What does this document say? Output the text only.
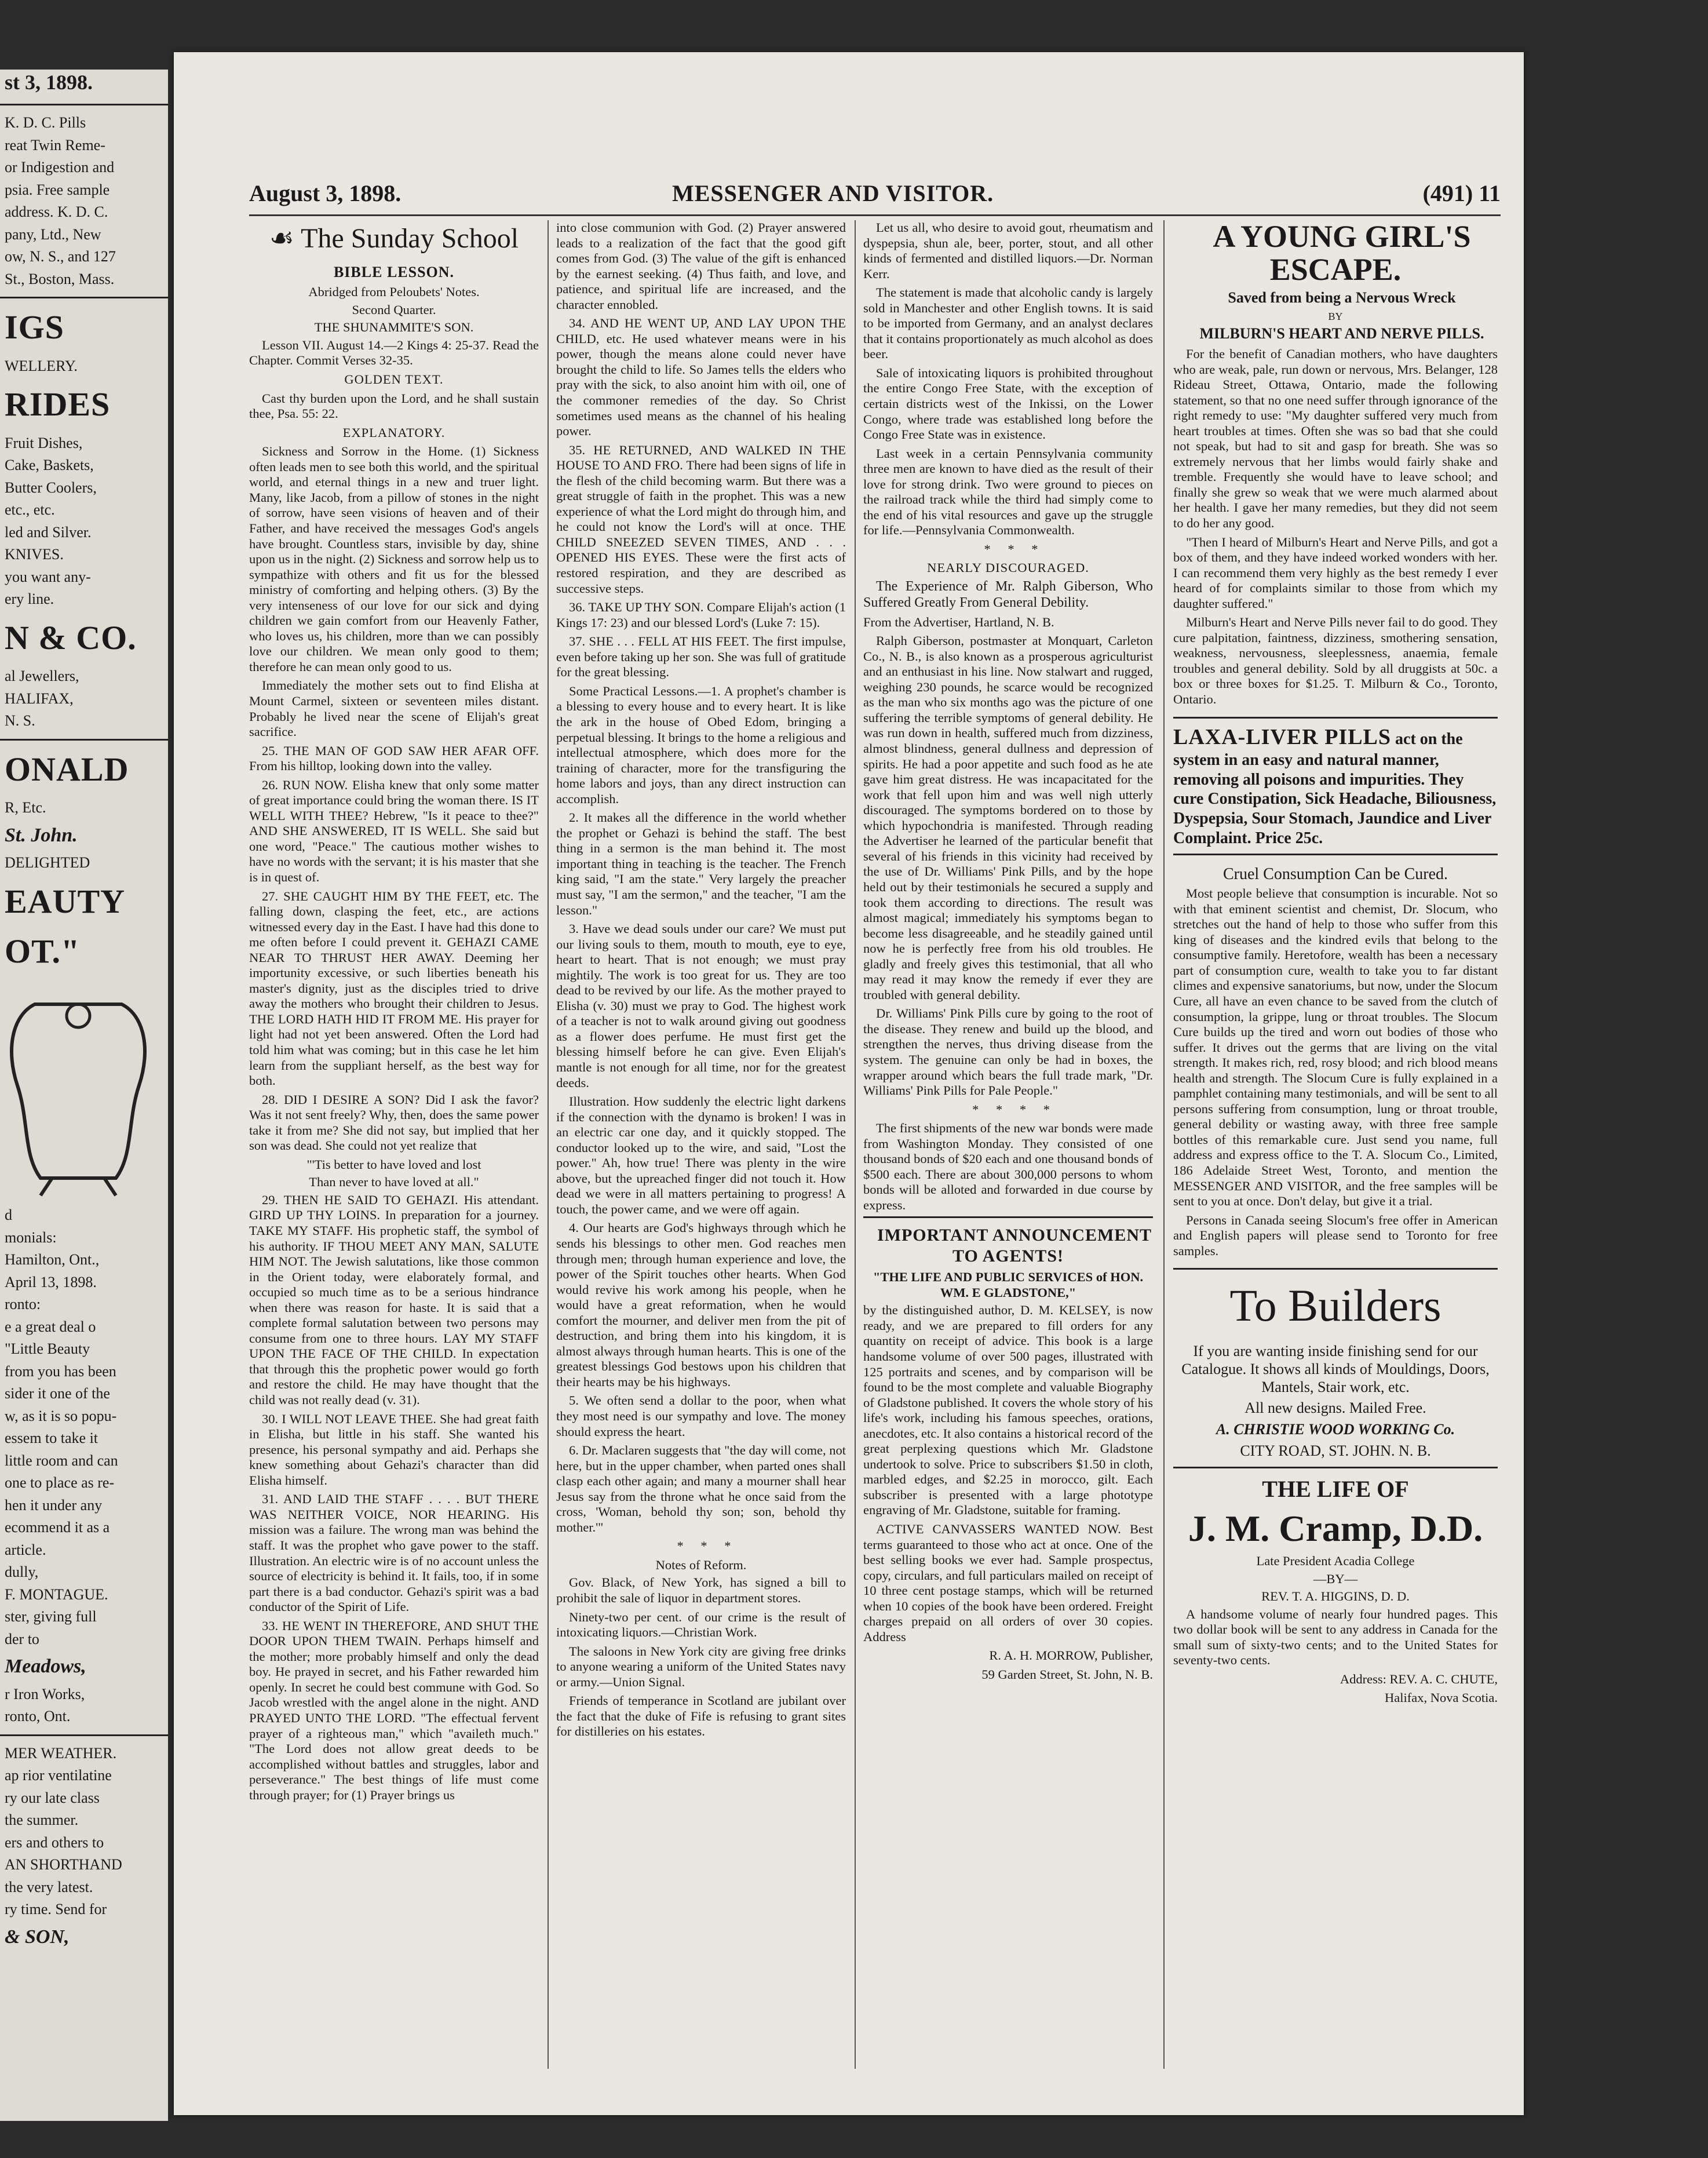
st 3, 1898.

K. D. C. Pills

reat Twin Reme-

or Indigestion and

psia. Free sample

address. K. D. C.

pany, Ltd., New

ow, N. S., and 127

St., Boston, Mass.

IGS

WELLERY.

RIDES

Fruit Dishes,

Cake, Baskets,

Butter Coolers,

etc., etc.

led and Silver.

KNIVES.

you want any-

ery line.

N & CO.

al Jewellers,

HALIFAX,

N. S.

ONALD

R, Etc.

St. John.

DELIGHTED

EAUTY

OT."

d

monials:

Hamilton, Ont.,

April 13, 1898.

ronto:

e a great deal o

"Little Beauty

from you has been

sider it one of the

w, as it is so popu-

essem to take it

little room and can

one to place as re-

hen it under any

ecommend it as a

article.

dully,

F. MONTAGUE.

ster, giving full

der to

Meadows,

r Iron Works,

ronto, Ont.

MER WEATHER.

ap rior ventilatine

ry our late class

the summer.

ers and others to

AN SHORTHAND

the very latest.

ry time. Send for

& SON,

August 3, 1898.	MESSENGER AND VISITOR.	(491) 11

☙ The Sunday School

BIBLE LESSON.

Abridged from Peloubets' Notes.

Second Quarter.

THE SHUNAMMITE'S SON.

Lesson VII. August 14.—2 Kings 4: 25-37. Read the Chapter. Commit Verses 32-35.

GOLDEN TEXT.

Cast thy burden upon the Lord, and he shall sustain thee, Psa. 55: 22.

EXPLANATORY.

Sickness and Sorrow in the Home. (1) Sickness often leads men to see both this world, and the spiritual world, and eternal things in a new and truer light. Many, like Jacob, from a pillow of stones in the night of sorrow, have seen visions of heaven and of their Father, and have received the messages God's angels have brought. Countless stars, invisible by day, shine upon us in the night. (2) Sickness and sorrow help us to sympathize with others and fit us for the blessed ministry of comforting and helping others. (3) By the very intenseness of our love for our sick and dying children we gain comfort from our Heavenly Father, who loves us, his children, more than we can possibly love our children. We mean only good to them; therefore he can mean only good to us.

Immediately the mother sets out to find Elisha at Mount Carmel, sixteen or seventeen miles distant. Probably he lived near the scene of Elijah's great sacrifice.

25. THE MAN OF GOD SAW HER AFAR OFF. From his hilltop, looking down into the valley.

26. RUN NOW. Elisha knew that only some matter of great importance could bring the woman there. IS IT WELL WITH THEE? Hebrew, "Is it peace to thee?" AND SHE ANSWERED, IT IS WELL. She said but one word, "Peace." The cautious mother wishes to have no words with the servant; it is his master that she is in quest of.

27. SHE CAUGHT HIM BY THE FEET, etc. The falling down, clasping the feet, etc., are actions witnessed every day in the East. I have had this done to me often before I could prevent it. GEHAZI CAME NEAR TO THRUST HER AWAY. Deeming her importunity excessive, or such liberties beneath his master's dignity, just as the disciples tried to drive away the mothers who brought their children to Jesus. THE LORD HATH HID IT FROM ME. His prayer for light had not yet been answered. Often the Lord had told him what was coming; but in this case he let him learn from the suppliant herself, as the best way for both.

28. DID I DESIRE A SON? Did I ask the favor? Was it not sent freely? Why, then, does the same power take it from me? She did not say, but implied that her son was dead. She could not yet realize that

"'Tis better to have loved and lost

Than never to have loved at all."

29. THEN HE SAID TO GEHAZI. His attendant. GIRD UP THY LOINS. In preparation for a journey. TAKE MY STAFF. His prophetic staff, the symbol of his authority. IF THOU MEET ANY MAN, SALUTE HIM NOT. The Jewish salutations, like those common in the Orient today, were elaborately formal, and occupied so much time as to be a serious hindrance when there was reason for haste. It is said that a complete formal salutation between two persons may consume from one to three hours. LAY MY STAFF UPON THE FACE OF THE CHILD. In expectation that through this the prophetic power would go forth and restore the child. He may have thought that the child was not really dead (v. 31).

30. I WILL NOT LEAVE THEE. She had great faith in Elisha, but little in his staff. She wanted his presence, his personal sympathy and aid. Perhaps she knew something about Gehazi's character than did Elisha himself.

31. AND LAID THE STAFF . . . . BUT THERE WAS NEITHER VOICE, NOR HEARING. His mission was a failure. The wrong man was behind the staff. It was the prophet who gave power to the staff. Illustration. An electric wire is of no account unless the source of electricity is behind it. It fails, too, if in some part there is a bad conductor. Gehazi's spirit was a bad conductor of the Spirit of Life.

33. HE WENT IN THEREFORE, AND SHUT THE DOOR UPON THEM TWAIN. Perhaps himself and the mother; more probably himself and only the dead boy. He prayed in secret, and his Father rewarded him openly. In secret he could best commune with God. So Jacob wrestled with the angel alone in the night. AND PRAYED UNTO THE LORD. "The effectual fervent prayer of a righteous man," which "availeth much." "The Lord does not allow great deeds to be accomplished without battles and struggles, labor and perseverance." The best things of life must come through prayer; for (1) Prayer brings us

into close communion with God. (2) Prayer answered leads to a realization of the fact that the good gift comes from God. (3) The value of the gift is enhanced by the earnest seeking. (4) Thus faith, and love, and patience, and spiritual life are increased, and the character ennobled.

34. AND HE WENT UP, AND LAY UPON THE CHILD, etc. He used whatever means were in his power, though the means alone could never have brought the child to life. So James tells the elders who pray with the sick, to also anoint him with oil, one of the commoner remedies of the day. So Christ sometimes used means as the channel of his healing power.

35. HE RETURNED, AND WALKED IN THE HOUSE TO AND FRO. There had been signs of life in the flesh of the child becoming warm. But there was a great struggle of faith in the prophet. This was a new experience of what the Lord might do through him, and he could not know the Lord's will at once. THE CHILD SNEEZED SEVEN TIMES, AND . . . OPENED HIS EYES. These were the first acts of restored respiration, and they are described as successive steps.

36. TAKE UP THY SON. Compare Elijah's action (1 Kings 17: 23) and our blessed Lord's (Luke 7: 15).

37. SHE . . . FELL AT HIS FEET. The first impulse, even before taking up her son. She was full of gratitude for the great blessing.

Some Practical Lessons.—1. A prophet's chamber is a blessing to every house and to every heart. It is like the ark in the house of Obed Edom, bringing a perpetual blessing. It brings to the home a religious and intellectual atmosphere, which does more for the training of character, more for the transfiguring the home labors and joys, than any direct instruction can accomplish.

2. It makes all the difference in the world whether the prophet or Gehazi is behind the staff. The best thing in a sermon is the man behind it. The most important thing in teaching is the teacher. The French king said, "I am the state." Very largely the preacher must say, "I am the sermon," and the teacher, "I am the lesson."

3. Have we dead souls under our care? We must put our living souls to them, mouth to mouth, eye to eye, heart to heart. That is not enough; we must pray mightily. The work is too great for us. They are too dead to be revived by our life. As the mother prayed to Elisha (v. 30) must we pray to God. The highest work of a teacher is not to walk around giving out goodness as a flower does perfume. He must first get the blessing himself before he can give. Even Elijah's mantle is not enough for all time, nor for the greatest deeds.

Illustration. How suddenly the electric light darkens if the connection with the dynamo is broken! I was in an electric car one day, and it quickly stopped. The conductor looked up to the wire, and said, "Lost the power." Ah, how true! There was plenty in the wire above, but the upreached finger did not touch it. How dead we were in all matters pertaining to progress! A touch, the power came, and we were off again.

4. Our hearts are God's highways through which he sends his blessings to other men. God reaches men through men; through human experience and love, the power of the Spirit touches other hearts. When God would revive his work among his people, when he would have a great reformation, when he would comfort the mourner, and deliver men from the pit of destruction, and bring them into his kingdom, it is almost always through human hearts. This is one of the greatest blessings God bestows upon his children that their hearts may be his highways.

5. We often send a dollar to the poor, when what they most need is our sympathy and love. The money should express the heart.

6. Dr. Maclaren suggests that "the day will come, not here, but in the upper chamber, when parted ones shall clasp each other again; and many a mourner shall hear Jesus say from the throne what he once said from the cross, 'Woman, behold thy son; son, behold thy mother.'"

* * *

Notes of Reform.

Gov. Black, of New York, has signed a bill to prohibit the sale of liquor in department stores.

Ninety-two per cent. of our crime is the result of intoxicating liquors.—Christian Work.

The saloons in New York city are giving free drinks to anyone wearing a uniform of the United States navy or army.—Union Signal.

Friends of temperance in Scotland are jubilant over the fact that the duke of Fife is refusing to grant sites for distilleries on his estates.

Let us all, who desire to avoid gout, rheumatism and dyspepsia, shun ale, beer, porter, stout, and all other kinds of fermented and distilled liquors.—Dr. Norman Kerr.

The statement is made that alcoholic candy is largely sold in Manchester and other English towns. It is said to be imported from Germany, and an analyst declares that it contains proportionately as much alcohol as does beer.

Sale of intoxicating liquors is prohibited throughout the entire Congo Free State, with the exception of certain districts west of the Inkissi, on the Lower Congo, where trade was established long before the Congo Free State was in existence.

Last week in a certain Pennsylvania community three men are known to have died as the result of their love for strong drink. Two were ground to pieces on the railroad track while the third had simply come to the end of his vital resources and gave up the struggle for life.—Pennsylvania Commonwealth.

* * *

NEARLY DISCOURAGED.

The Experience of Mr. Ralph Giberson, Who Suffered Greatly From General Debility.

From the Advertiser, Hartland, N. B.

Ralph Giberson, postmaster at Monquart, Carleton Co., N. B., is also known as a prosperous agriculturist and an enthusiast in his line. Now stalwart and rugged, weighing 230 pounds, he scarce would be recognized as the man who six months ago was the picture of one suffering the terrible symptoms of general debility. He was run down in health, suffered much from dizziness, almost blindness, general dullness and depression of spirits. He had a poor appetite and such food as he ate gave him great distress. He was incapacitated for the work that fell upon him and was well nigh utterly discouraged. The symptoms bordered on to those by which hypochondria is manifested. Through reading the Advertiser he learned of the particular benefit that several of his friends in this vicinity had received by the use of Dr. Williams' Pink Pills, and by the hope held out by their testimonials he secured a supply and took them according to directions. The result was almost magical; immediately his symptoms began to become less disagreeable, and he steadily gained until now he is perfectly free from his old troubles. He gladly and freely gives this testimonial, that all who may read it may know the remedy if ever they are troubled with general debility.

Dr. Williams' Pink Pills cure by going to the root of the disease. They renew and build up the blood, and strengthen the nerves, thus driving disease from the system. The genuine can only be had in boxes, the wrapper around which bears the full trade mark, "Dr. Williams' Pink Pills for Pale People."

* * * *

The first shipments of the new war bonds were made from Washington Monday. They consisted of one thousand bonds of $20 each and one thousand bonds of $500 each. There are about 300,000 persons to whom bonds will be alloted and forwarded in due course by express.

IMPORTANT ANNOUNCEMENT TO AGENTS!

"THE LIFE AND PUBLIC SERVICES of HON. WM. E GLADSTONE,"

by the distinguished author, D. M. KELSEY, is now ready, and we are prepared to fill orders for any quantity on receipt of advice. This book is a large handsome volume of over 500 pages, illustrated with 125 portraits and scenes, and by comparison will be found to be the most complete and valuable Biography of Gladstone published. It covers the whole story of his life's work, including his famous speeches, orations, anecdotes, etc. It also contains a historical record of the great perplexing questions which Mr. Gladstone undertook to solve. Price to subscribers $1.50 in cloth, marbled edges, and $2.25 in morocco, gilt. Each subscriber is presented with a large phototype engraving of Mr. Gladstone, suitable for framing.

ACTIVE CANVASSERS WANTED NOW. Best terms guaranteed to those who act at once. One of the best selling books we ever had. Sample prospectus, copy, circulars, and full particulars mailed on receipt of 10 three cent postage stamps, which will be returned when 10 copies of the book have been ordered. Freight charges prepaid on all orders of over 30 copies. Address

R. A. H. MORROW, Publisher,

59 Garden Street, St. John, N. B.

A YOUNG GIRL'S ESCAPE.

Saved from being a Nervous Wreck

BY

MILBURN'S HEART AND NERVE PILLS.

For the benefit of Canadian mothers, who have daughters who are weak, pale, run down or nervous, Mrs. Belanger, 128 Rideau Street, Ottawa, Ontario, made the following statement, so that no one need suffer through ignorance of the right remedy to use: "My daughter suffered very much from heart troubles at times. Often she was so bad that she could not speak, but had to sit and gasp for breath. She was so extremely nervous that her limbs would fairly shake and tremble. Frequently she would have to leave school; and finally she grew so weak that we were much alarmed about her health. I gave her many remedies, but they did not seem to do her any good.

"Then I heard of Milburn's Heart and Nerve Pills, and got a box of them, and they have indeed worked wonders with her. I can recommend them very highly as the best remedy I ever heard of for complaints similar to those from which my daughter suffered."

Milburn's Heart and Nerve Pills never fail to do good. They cure palpitation, faintness, dizziness, smothering sensation, weakness, nervousness, sleeplessness, anaemia, female troubles and general debility. Sold by all druggists at 50c. a box or three boxes for $1.25. T. Milburn & Co., Toronto, Ontario.

LAXA-LIVER PILLS act on the system in an easy and natural manner, removing all poisons and impurities. They cure Constipation, Sick Headache, Biliousness, Dyspepsia, Sour Stomach, Jaundice and Liver Complaint. Price 25c.

Cruel Consumption Can be Cured.

Most people believe that consumption is incurable. Not so with that eminent scientist and chemist, Dr. Slocum, who stretches out the hand of help to those who suffer from this king of diseases and the kindred evils that belong to the consumptive family. Heretofore, wealth has been a necessary part of consumption cure, wealth to take you to far distant climes and expensive sanatoriums, but now, under the Slocum Cure, all have an even chance to be saved from the clutch of consumption, la grippe, lung or throat troubles. The Slocum Cure builds up the tired and worn out bodies of those who suffer. It drives out the germs that are living on the vital strength. It makes rich, red, rosy blood; and rich blood means health and strength. The Slocum Cure is fully explained in a pamphlet containing many testimonials, and will be sent to all persons suffering from consumption, lung or throat trouble, general debility or wasting away, with three free sample bottles of this remarkable cure. Just send you name, full address and express office to the T. A. Slocum Co., Limited, 186 Adelaide Street West, Toronto, and mention the MESSENGER AND VISITOR, and the free samples will be sent to you at once. Don't delay, but give it a trial.

Persons in Canada seeing Slocum's free offer in American and English papers will please send to Toronto for free samples.

To Builders

If you are wanting inside finishing send for our Catalogue. It shows all kinds of Mouldings, Doors, Mantels, Stair work, etc.

All new designs. Mailed Free.

A. CHRISTIE WOOD WORKING Co.

CITY ROAD, ST. JOHN. N. B.

THE LIFE OF

J. M. Cramp, D.D.

Late President Acadia College

—BY—

REV. T. A. HIGGINS, D. D.

A handsome volume of nearly four hundred pages. This two dollar book will be sent to any address in Canada for the small sum of sixty-two cents; and to the United States for seventy-two cents.

Address: REV. A. C. CHUTE,

Halifax, Nova Scotia.
